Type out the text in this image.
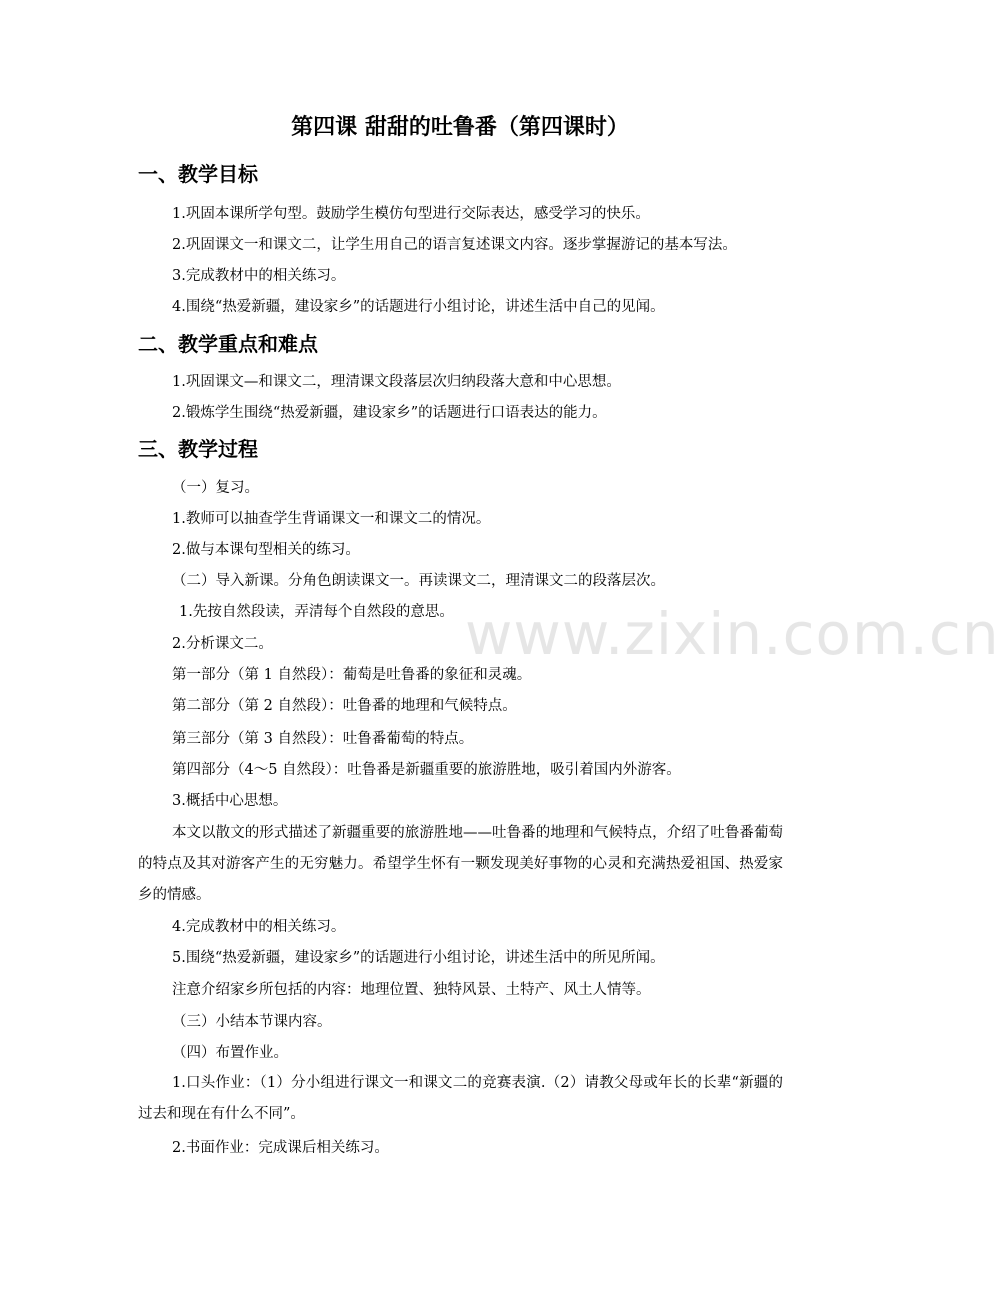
www.zixin.com.cn
第四课 甜甜的吐鲁番（第四课时）
一、教学目标
1.巩固本课所学句型。鼓励学生模仿句型进行交际表达，感受学习的快乐。
2.巩固课文一和课文二，让学生用自己的语言复述课文内容。逐步掌握游记的基本写法。
3.完成教材中的相关练习。
4.围绕“热爱新疆，建设家乡”的话题进行小组讨论，讲述生活中自己的见闻。
二、教学重点和难点
1.巩固课文—和课文二，理清课文段落层次归纳段落大意和中心思想。
2.锻炼学生围绕“热爱新疆，建设家乡”的话题进行口语表达的能力。
三、教学过程
（一）复习。
1.教师可以抽查学生背诵课文一和课文二的情况。
2.做与本课句型相关的练习。
（二）导入新课。分角色朗读课文一。再读课文二，理清课文二的段落层次。
1.先按自然段读，弄清每个自然段的意思。
2.分析课文二。
第一部分（第 1 自然段）：葡萄是吐鲁番的象征和灵魂。
第二部分（第 2 自然段）：吐鲁番的地理和气候特点。
第三部分（第 3 自然段）：吐鲁番葡萄的特点。
第四部分（4～5 自然段）：吐鲁番是新疆重要的旅游胜地，吸引着国内外游客。
3.概括中心思想。
本文以散文的形式描述了新疆重要的旅游胜地——吐鲁番的地理和气候特点，介绍了吐鲁番葡萄的特点及其对游客产生的无穷魅力。希望学生怀有一颗发现美好事物的心灵和充满热爱祖国、热爱家乡的情感。
4.完成教材中的相关练习。
5.围绕“热爱新疆，建设家乡”的话题进行小组讨论，讲述生活中的所见所闻。
注意介绍家乡所包括的内容：地理位置、独特风景、土特产、风土人情等。
（三）小结本节课内容。
（四）布置作业。
1.口头作业：（1）分小组进行课文一和课文二的竞赛表演.（2）请教父母或年长的长辈“新疆的过去和现在有什么不同”。
2.书面作业：完成课后相关练习。
